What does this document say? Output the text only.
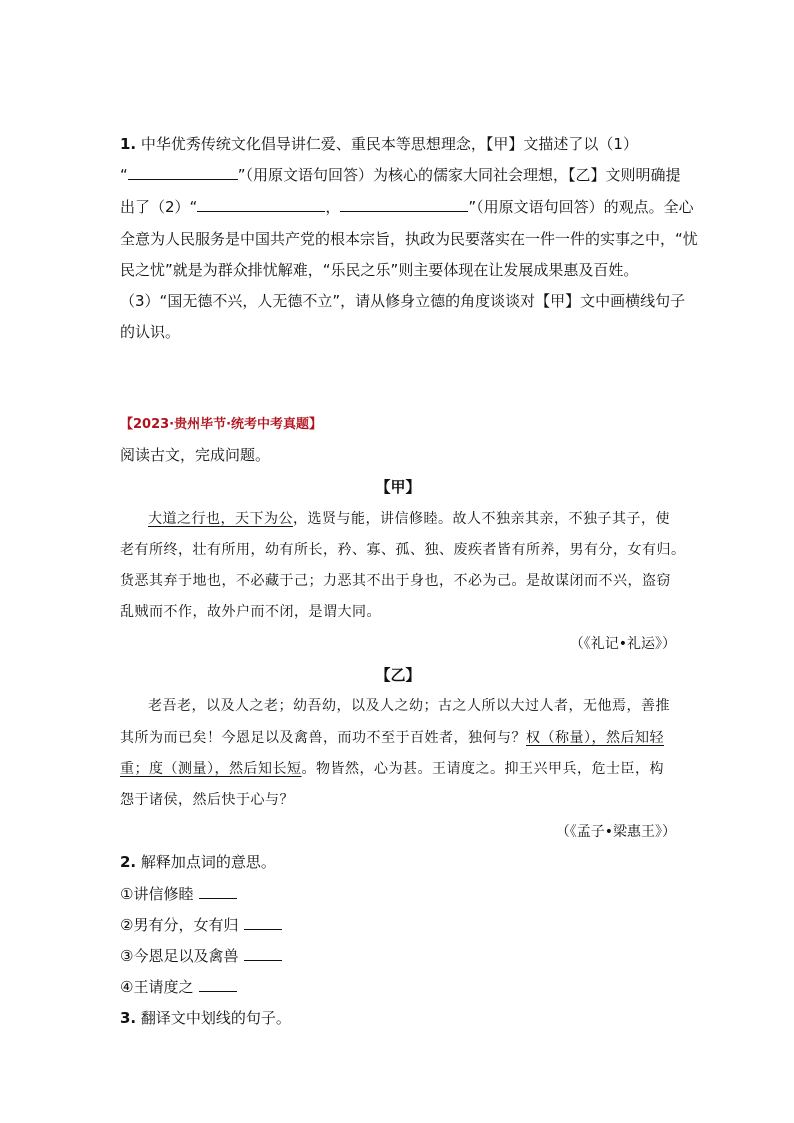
1. 中华优秀传统文化倡导讲仁爱、重民本等思想理念，【甲】文描述了以（1）
“	”（用原文语句回答）为核心的儒家大同社会理想，【乙】文则明确提
出了（2）“	，	”（用原文语句回答）的观点。全心
全意为人民服务是中国共产党的根本宗旨，执政为民要落实在一件一件的实事之中，“忧
民之忧”就是为群众排忧解难，“乐民之乐”则主要体现在让发展成果惠及百姓。
（3）“国无德不兴，人无德不立”，请从修身立德的角度谈谈对【甲】文中画横线句子
的认识。
【2023·贵州毕节·统考中考真题】
阅读古文，完成问题。
【甲】
大道之行也，天下为公，选贤与能，讲信修睦。故人不独亲其亲，不独子其子，使
老有所终，壮有所用，幼有所长，矜、寡、孤、独、废疾者皆有所养，男有分，女有归。
货恶其弃于地也，不必藏于己；力恶其不出于身也，不必为己。是故谋闭而不兴，盗窃
乱贼而不作，故外户而不闭，是谓大同。
（《礼记•礼运》）
【乙】
老吾老，以及人之老；幼吾幼，以及人之幼；古之人所以大过人者，无他焉，善推
其所为而已矣！今恩足以及禽兽，而功不至于百姓者，独何与？权（称量），然后知轻
重；度（测量），然后知长短。物皆然，心为甚。王请度之。抑王兴甲兵，危士臣，构
怨于诸侯，然后快于心与？
（《孟子•梁惠王》）
2. 解释加点词的意思。
①讲信修睦
②男有分，女有归
③今恩足以及禽兽
④王请度之
3. 翻译文中划线的句子。
